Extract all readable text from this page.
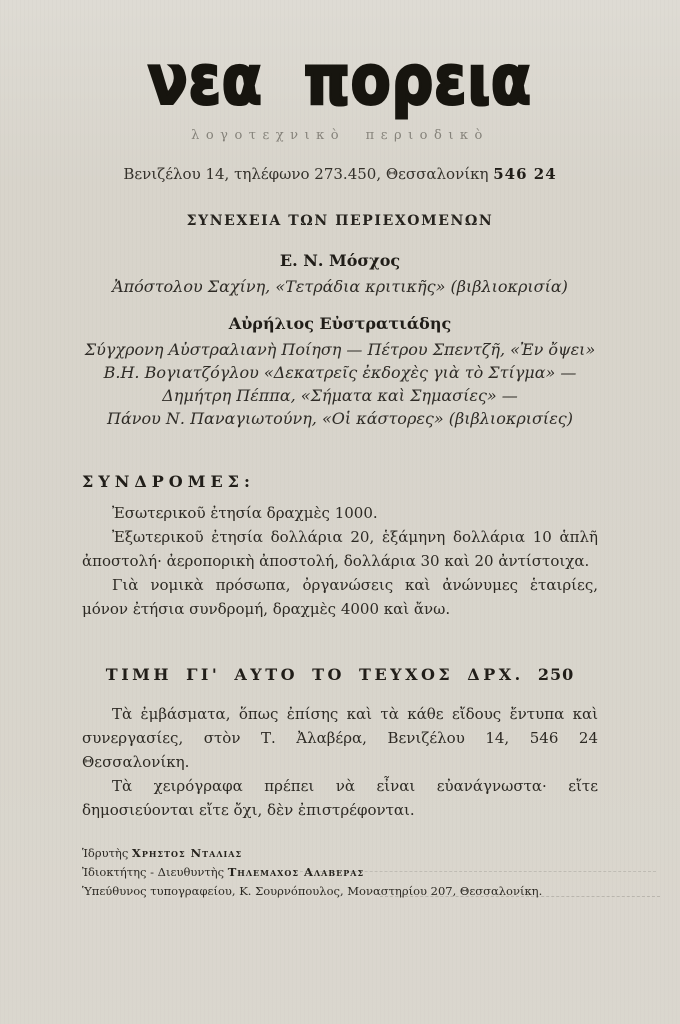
νεα πορεια
λογοτεχνικὸ περιοδικὸ
Βενιζέλου 14, τηλέφωνο 273.450, Θεσσαλονίκη 546 24
ΣΥΝΕΧΕΙΑ ΤΩΝ ΠΕΡΙΕΧΟΜΕΝΩΝ
Ε. Ν. Μόσχος
Ἀπόστολου Σαχίνη, «Τετράδια κριτικῆς» (βιβλιοκρισία)
Αὐρήλιος Εὐστρατιάδης
Σύγχρονη Αὐστραλιανὴ Ποίηση — Πέτρου Σπεντζῆ, «Ἐν ὄψει»
Β.Η. Βογιατζόγλου «Δεκατρεῖς ἐκδοχὲς γιὰ τὸ Στίγμα» —
Δημήτρη Πέππα, «Σήματα καὶ Σημασίες» —
Πάνου Ν. Παναγιωτούνη, «Οἱ κάστορες» (βιβλιοκρισίες)
ΣΥΝΔΡΟΜΕΣ:

Ἐσωτερικοῦ ἐτησία δραχμὲς 1000.

Ἐξωτερικοῦ ἐτησία δολλάρια 20, ἑξάμηνη δολλάρια 10 ἁπλῆ ἀποστολή· ἀεροπορικὴ ἀποστολή, δολλάρια 30 καὶ 20 ἀντίστοιχα.

Γιὰ νομικὰ πρόσωπα, ὀργανώσεις καὶ ἀνώνυμες ἑταιρίες, μόνον ἐτήσια συνδρομή, δραχμὲς 4000 καὶ ἄνω.

ΤΙΜΗ ΓΙ' ΑΥΤΟ ΤΟ ΤΕΥΧΟΣ ΔΡΧ. 250

Τὰ ἐμβάσματα, ὅπως ἐπίσης καὶ τὰ κάθε εἴδους ἔντυπα καὶ συνεργασίες, στὸν Τ. Ἀλαβέρα, Βενιζέλου 14, 546 24 Θεσσαλονίκη.

Τὰ χειρόγραφα πρέπει νὰ εἶναι εὐανάγνωστα· εἴτε δημοσιεύονται εἴτε ὄχι, δὲν ἐπιστρέφονται.

Ἱδρυτὴς Χρηστος Νταλιας
Ἰδιοκτήτης - Διευθυντὴς Τηλεμαχος Αλαβερας
Ὑπεύθυνος τυπογραφείου, Κ. Σουρνόπουλος, Μοναστηρίου 207, Θεσσαλονίκη.
